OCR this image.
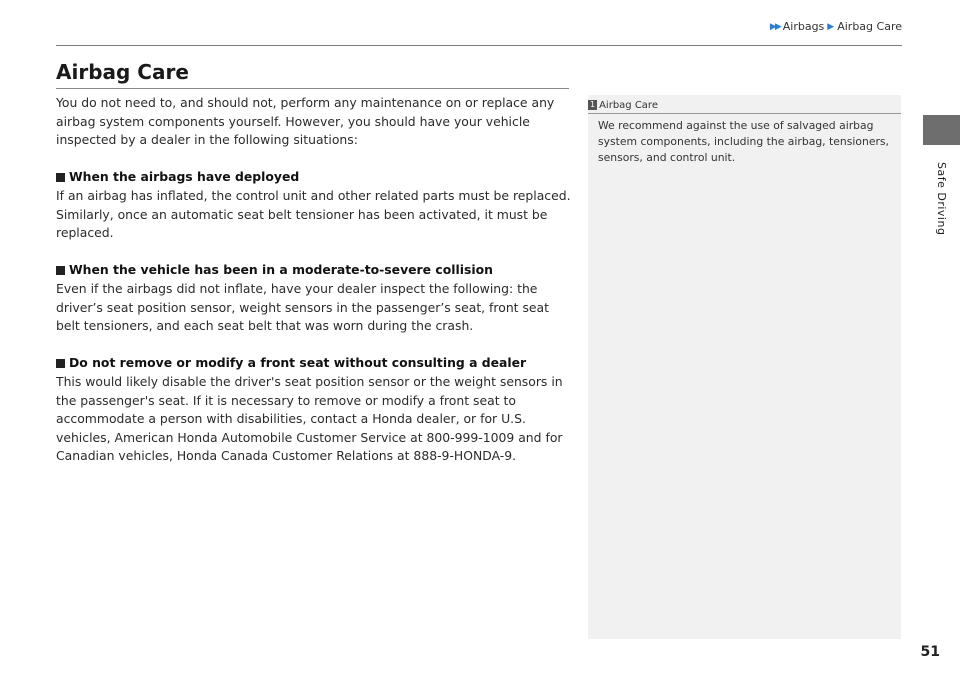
▶▶ Airbags ▶ Airbag Care
Safe Driving
Airbag Care

You do not need to, and should not, perform any maintenance on or replace any airbag system components yourself. However, you should have your vehicle inspected by a dealer in the following situations:

When the airbags have deployed

If an airbag has inflated, the control unit and other related parts must be replaced. Similarly, once an automatic seat belt tensioner has been activated, it must be replaced.

When the vehicle has been in a moderate-to-severe collision

Even if the airbags did not inflate, have your dealer inspect the following: the driver’s seat position sensor, weight sensors in the passenger’s seat, front seat belt tensioners, and each seat belt that was worn during the crash.

Do not remove or modify a front seat without consulting a dealer

This would likely disable the driver's seat position sensor or the weight sensors in the passenger's seat. If it is necessary to remove or modify a front seat to accommodate a person with disabilities, contact a Honda dealer, or for U.S. vehicles, American Honda Automobile Customer Service at 800-999-1009 and for Canadian vehicles, Honda Canada Customer Relations at 888-9-HONDA-9.

1 Airbag Care

We recommend against the use of salvaged airbag system components, including the airbag, tensioners, sensors, and control unit.

51
